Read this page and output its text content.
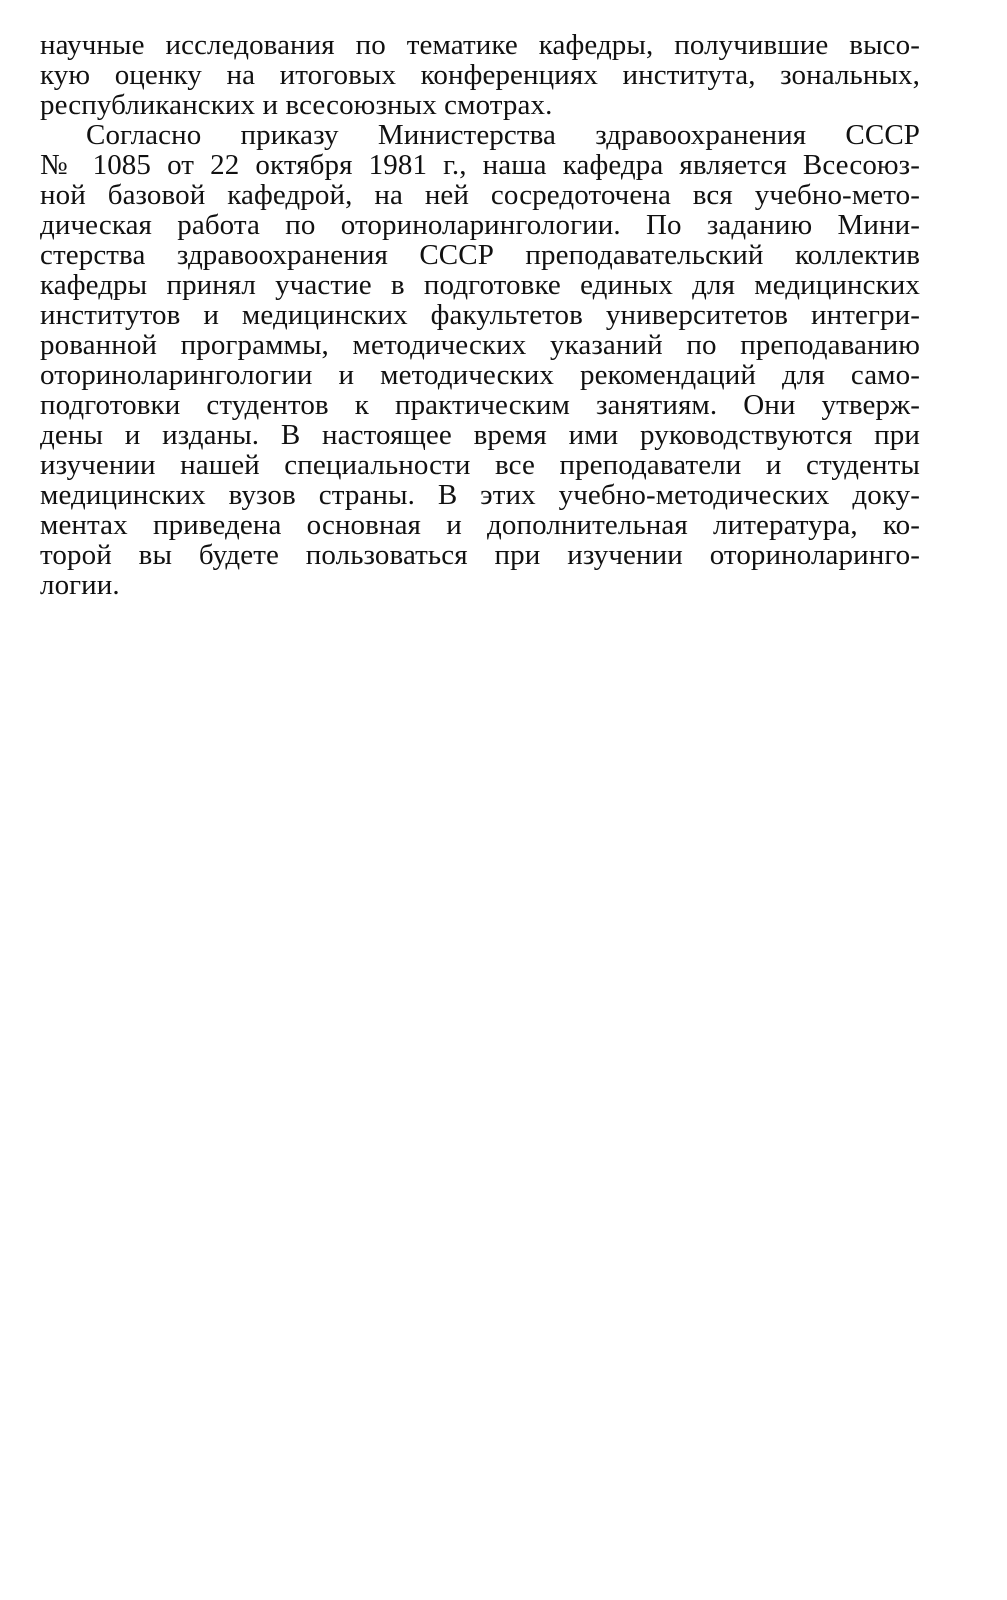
научные исследования по тематике кафедры, получившие высо-
кую оценку на итоговых конференциях института, зональных,
республиканских и всесоюзных смотрах.
Согласно приказу Министерства здравоохранения СССР
№ 1085 от 22 октября 1981 г., наша кафедра является Всесоюз-
ной базовой кафедрой, на ней сосредоточена вся учебно-мето-
дическая работа по оториноларингологии. По заданию Мини-
стерства здравоохранения СССР преподавательский коллектив
кафедры принял участие в подготовке единых для медицинских
институтов и медицинских факультетов университетов интегри-
рованной программы, методических указаний по преподаванию
оториноларингологии и методических рекомендаций для само-
подготовки студентов к практическим занятиям. Они утверж-
дены и изданы. В настоящее время ими руководствуются при
изучении нашей специальности все преподаватели и студенты
медицинских вузов страны. В этих учебно-методических доку-
ментах приведена основная и дополнительная литература, ко-
торой вы будете пользоваться при изучении оториноларинго-
логии.
